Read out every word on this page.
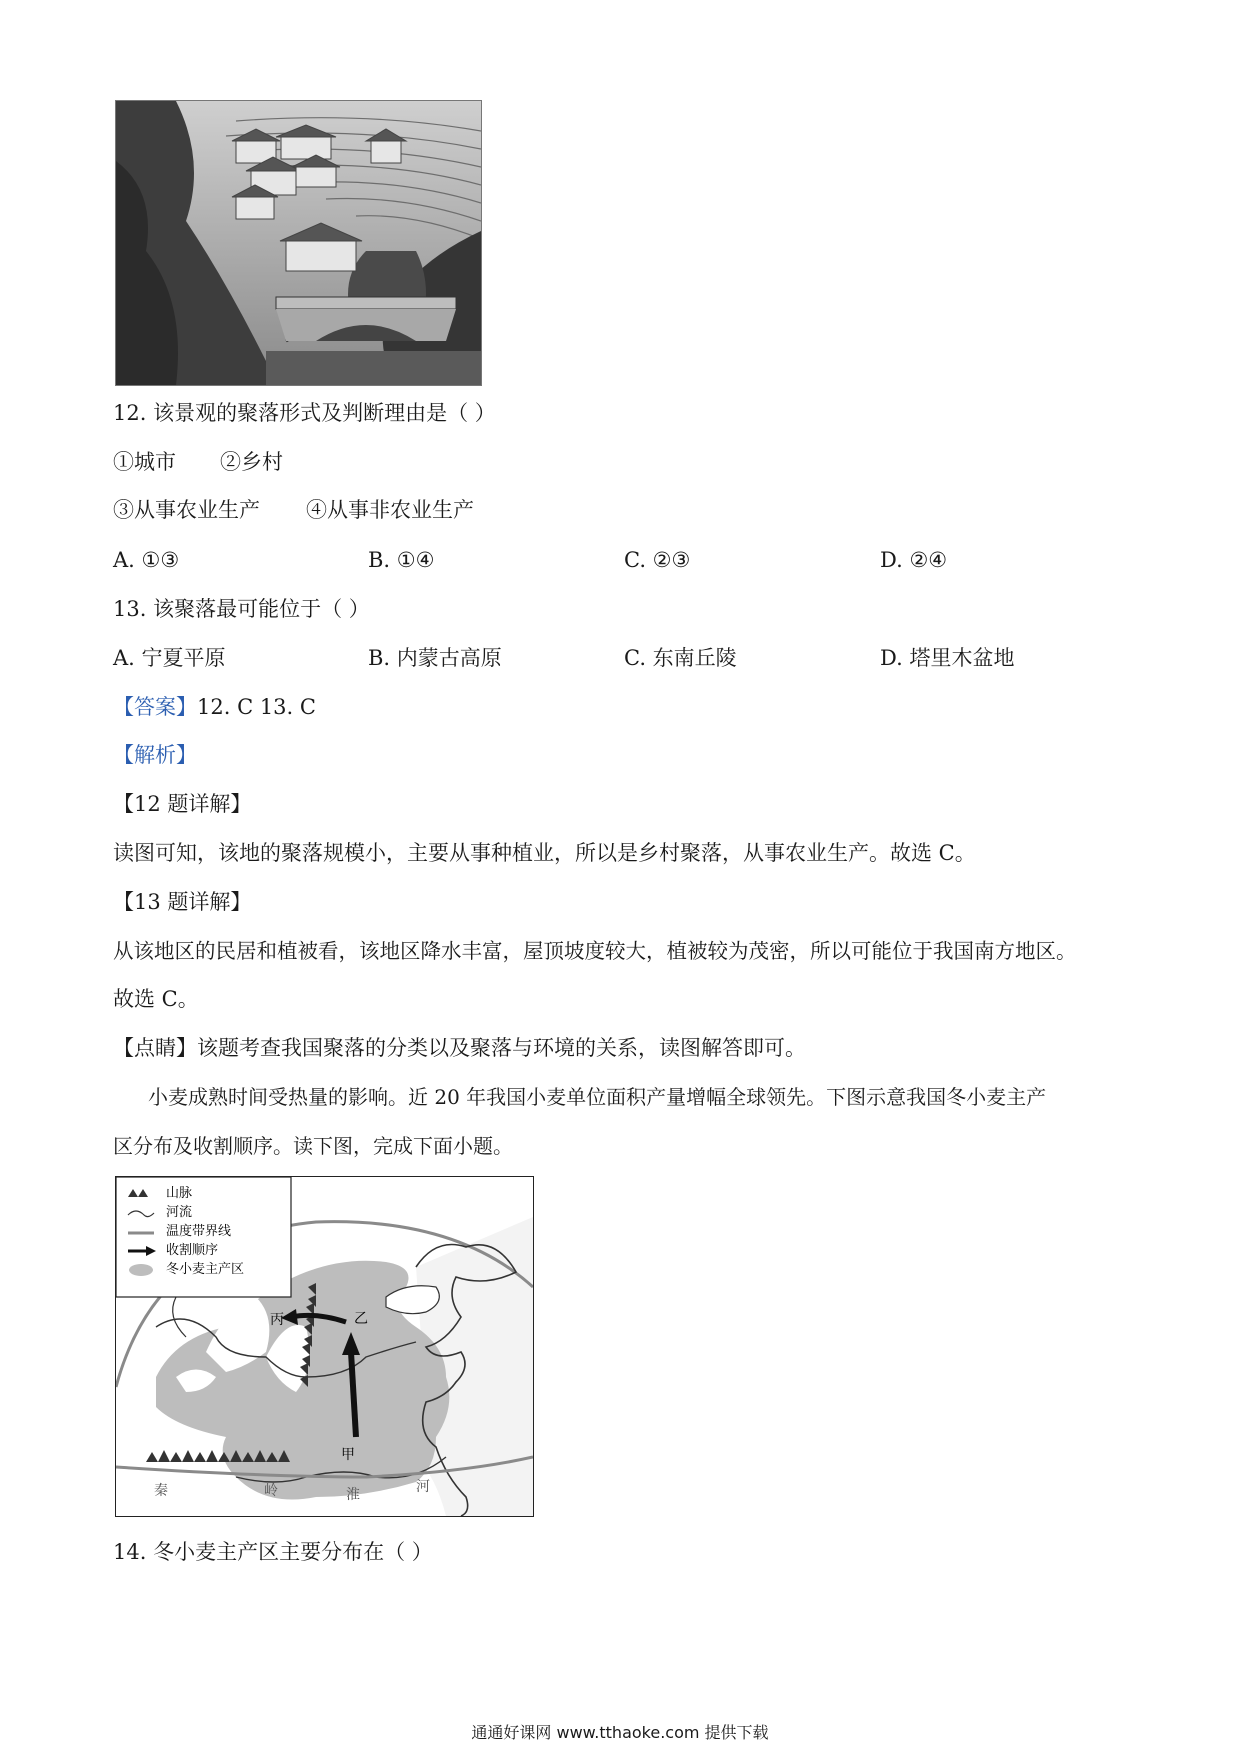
12. 该景观的聚落形式及判断理由是（ ）
①城市 ②乡村
③从事农业生产 ④从事非农业生产
A. ①③	B. ①④	C. ②③	D. ②④
13. 该聚落最可能位于（ ）
A. 宁夏平原	B. 内蒙古高原	C. 东南丘陵	D. 塔里木盆地
【答案】12. C 13. C
【解析】
【12 题详解】
读图可知，该地的聚落规模小，主要从事种植业，所以是乡村聚落，从事农业生产。故选 C。
【13 题详解】
从该地区的民居和植被看，该地区降水丰富，屋顶坡度较大，植被较为茂密，所以可能位于我国南方地区。
故选 C。
【点睛】该题考查我国聚落的分类以及聚落与环境的关系，读图解答即可。
小麦成熟时间受热量的影响。近 20 年我国小麦单位面积产量增幅全球领先。下图示意我国冬小麦主产
区分布及收割顺序。读下图，完成下面小题。
丙	乙
甲
秦	岭	淮	河
山脉
河流
温度带界线
收割顺序
冬小麦主产区
14. 冬小麦主产区主要分布在（ ）
通通好课网 www.tthaoke.com 提供下载
